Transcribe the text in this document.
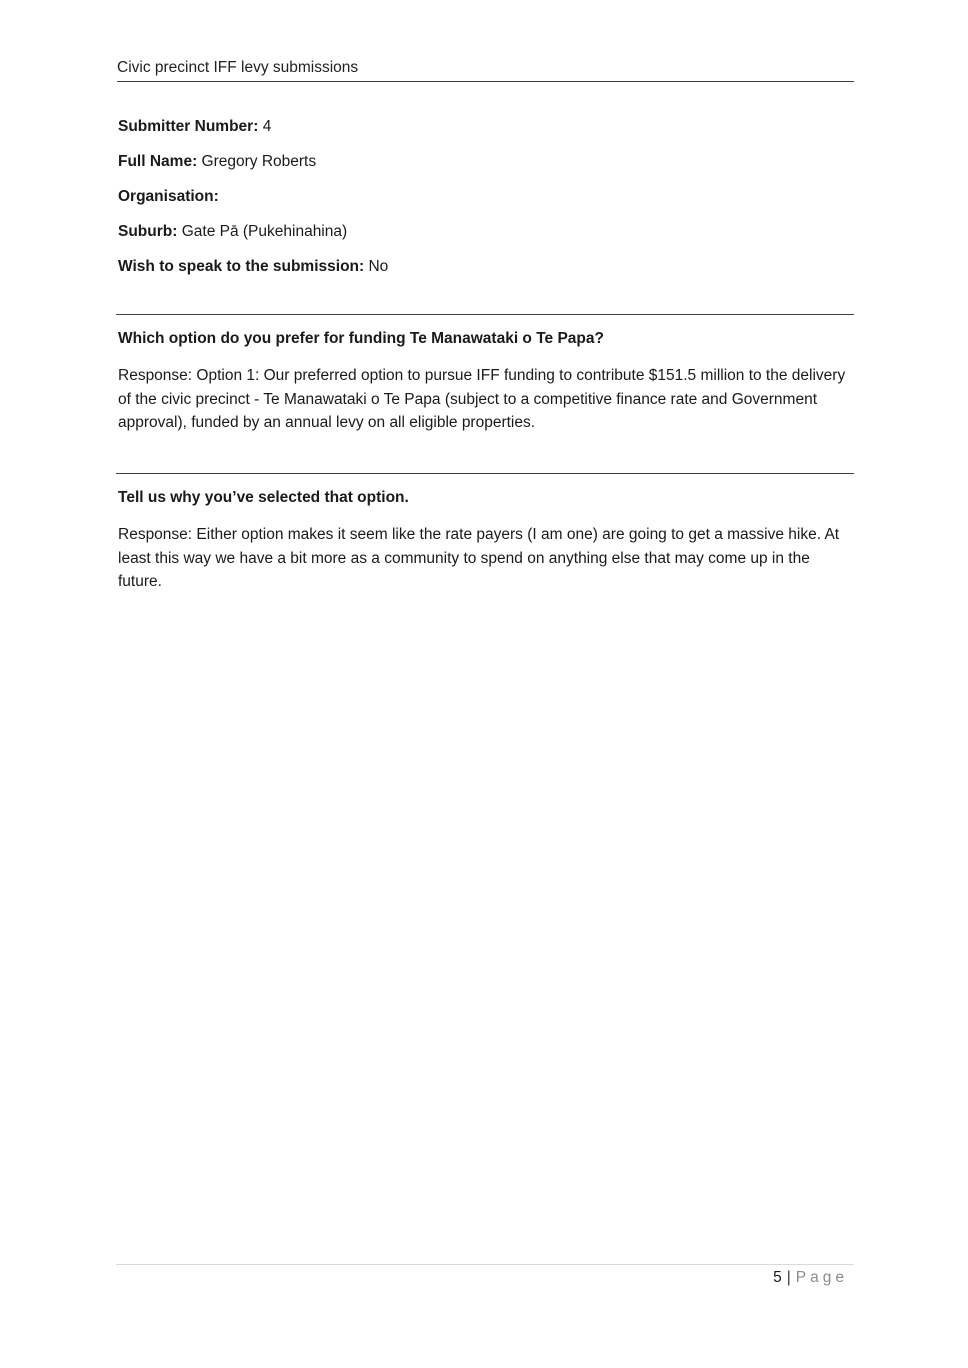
Civic precinct IFF levy submissions
Submitter Number: 4
Full Name: Gregory Roberts
Organisation:
Suburb: Gate Pā (Pukehinahina)
Wish to speak to the submission: No
Which option do you prefer for funding Te Manawataki o Te Papa?
Response: Option 1: Our preferred option to pursue IFF funding to contribute $151.5 million to the delivery of the civic precinct - Te Manawataki o Te Papa (subject to a competitive finance rate and Government approval), funded by an annual levy on all eligible properties.
Tell us why you’ve selected that option.
Response: Either option makes it seem like the rate payers (I am one) are going to get a massive hike. At least this way we have a bit more as a community to spend on anything else that may come up in the future.
5 | Page
